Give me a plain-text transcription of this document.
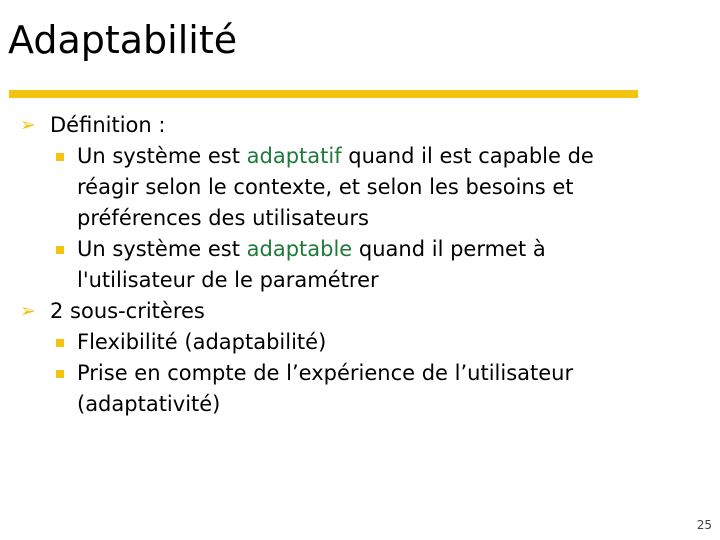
Adaptabilité
➢ Définition :
Un système est adaptatif quand il est capable de
réagir selon le contexte, et selon les besoins et
préférences des utilisateurs
Un système est adaptable quand il permet à
l'utilisateur de le paramétrer
➢ 2 sous-critères
Flexibilité (adaptabilité)
Prise en compte de l’expérience de l’utilisateur
(adaptativité)
25
